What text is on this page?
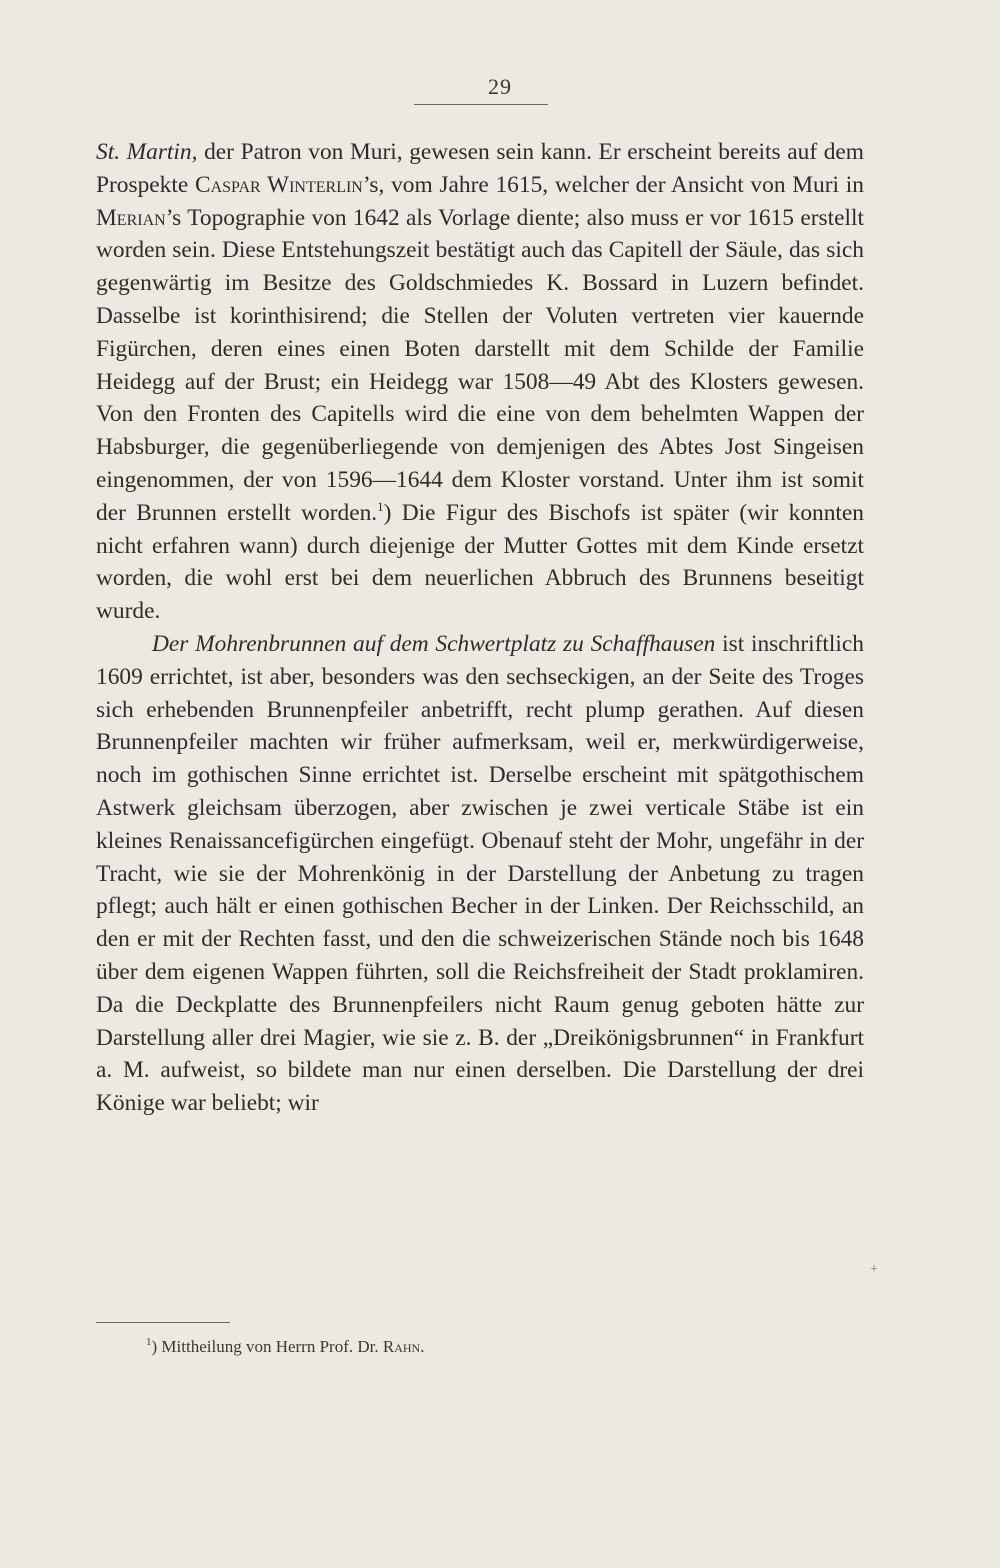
29

St. Martin, der Patron von Muri, gewesen sein kann. Er erscheint bereits auf dem Prospekte Caspar Winterlin’s, vom Jahre 1615, welcher der Ansicht von Muri in Merian’s Topographie von 1642 als Vorlage diente; also muss er vor 1615 erstellt worden sein. Diese Entstehungszeit bestätigt auch das Capitell der Säule, das sich gegenwärtig im Besitze des Goldschmiedes K. Bossard in Luzern befindet. Dasselbe ist korinthisirend; die Stellen der Voluten vertreten vier kauernde Figürchen, deren eines einen Boten darstellt mit dem Schilde der Familie Heidegg auf der Brust; ein Heidegg war 1508—49 Abt des Klosters gewesen. Von den Fronten des Capitells wird die eine von dem behelmten Wappen der Habsburger, die gegenüberliegende von demjenigen des Abtes Jost Singeisen eingenommen, der von 1596—1644 dem Kloster vorstand. Unter ihm ist somit der Brunnen erstellt worden.$^1$) Die Figur des Bischofs ist später (wir konnten nicht erfahren wann) durch diejenige der Mutter Gottes mit dem Kinde ersetzt worden, die wohl erst bei dem neuerlichen Abbruch des Brunnens beseitigt wurde.

Der Mohrenbrunnen auf dem Schwertplatz zu Schaffhausen ist inschriftlich 1609 errichtet, ist aber, besonders was den sechseckigen, an der Seite des Troges sich erhebenden Brunnenpfeiler anbetrifft, recht plump gerathen. Auf diesen Brunnenpfeiler machten wir früher aufmerksam, weil er, merkwürdigerweise, noch im gothischen Sinne errichtet ist. Derselbe erscheint mit spätgothischem Astwerk gleichsam überzogen, aber zwischen je zwei verticale Stäbe ist ein kleines Renaissancefigürchen eingefügt. Obenauf steht der Mohr, ungefähr in der Tracht, wie sie der Mohrenkönig in der Darstellung der Anbetung zu tragen pflegt; auch hält er einen gothischen Becher in der Linken. Der Reichsschild, an den er mit der Rechten fasst, und den die schweizerischen Stände noch bis 1648 über dem eigenen Wappen führten, soll die Reichsfreiheit der Stadt proklamiren. Da die Deckplatte des Brunnenpfeilers nicht Raum genug geboten hätte zur Darstellung aller drei Magier, wie sie z. B. der „Dreikönigsbrunnen“ in Frankfurt a. M. aufweist, so bildete man nur einen derselben. Die Darstellung der drei Könige war beliebt; wir

+
$^1$) Mittheilung von Herrn Prof. Dr. Rahn.
